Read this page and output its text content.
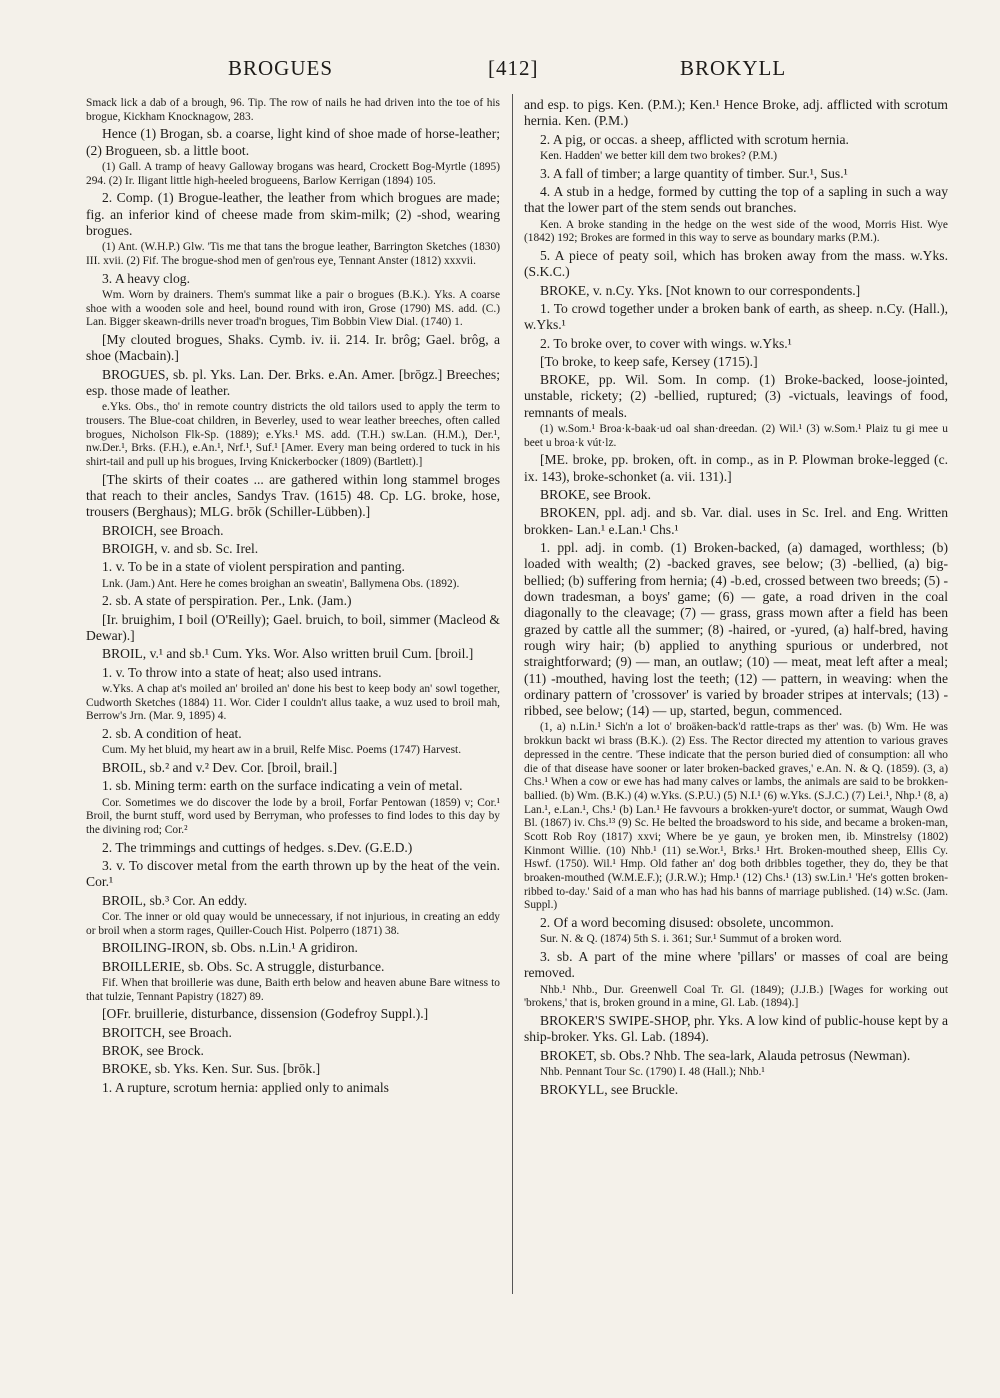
BROGUES	[412]	BROKYLL

Smack lick a dab of a brough, 96. Tip. The row of nails he had driven into the toe of his brogue, Kickham Knocknagow, 283.

Hence (1) Brogan, sb. a coarse, light kind of shoe made of horse-leather; (2) Brogueen, sb. a little boot.

(1) Gall. A tramp of heavy Galloway brogans was heard, Crockett Bog-Myrtle (1895) 294. (2) Ir. Iligant little high-heeled brogueens, Barlow Kerrigan (1894) 105.

2. Comp. (1) Brogue-leather, the leather from which brogues are made; fig. an inferior kind of cheese made from skim-milk; (2) -shod, wearing brogues.

(1) Ant. (W.H.P.) Glw. 'Tis me that tans the brogue leather, Barrington Sketches (1830) III. xvii. (2) Fif. The brogue-shod men of gen'rous eye, Tennant Anster (1812) xxxvii.

3. A heavy clog.

Wm. Worn by drainers. Them's summat like a pair o brogues (B.K.). Yks. A coarse shoe with a wooden sole and heel, bound round with iron, Grose (1790) MS. add. (C.) Lan. Bigger skeawn-drills never troad'n brogues, Tim Bobbin View Dial. (1740) 1.

[My clouted brogues, Shaks. Cymb. iv. ii. 214. Ir. brôg; Gael. brôg, a shoe (Macbain).]

BROGUES, sb. pl. Yks. Lan. Der. Brks. e.An. Amer. [brōgz.] Breeches; esp. those made of leather.

e.Yks. Obs., tho' in remote country districts the old tailors used to apply the term to trousers. The Blue-coat children, in Beverley, used to wear leather breeches, often called brogues, Nicholson Flk-Sp. (1889); e.Yks.¹ MS. add. (T.H.) sw.Lan. (H.M.), Der.¹, nw.Der.¹, Brks. (F.H.), e.An.¹, Nrf.¹, Suf.¹ [Amer. Every man being ordered to tuck in his shirt-tail and pull up his brogues, Irving Knickerbocker (1809) (Bartlett).]

[The skirts of their coates ... are gathered within long stammel broges that reach to their ancles, Sandys Trav. (1615) 48. Cp. LG. broke, hose, trousers (Berghaus); MLG. brōk (Schiller-Lübben).]

BROICH, see Broach.

BROIGH, v. and sb. Sc. Irel.

1. v. To be in a state of violent perspiration and panting.

Lnk. (Jam.) Ant. Here he comes broighan an sweatin', Ballymena Obs. (1892).

2. sb. A state of perspiration. Per., Lnk. (Jam.)

[Ir. bruighim, I boil (O'Reilly); Gael. bruich, to boil, simmer (Macleod & Dewar).]

BROIL, v.¹ and sb.¹ Cum. Yks. Wor. Also written bruil Cum. [broil.]

1. v. To throw into a state of heat; also used intrans.

w.Yks. A chap at's moiled an' broiled an' done his best to keep body an' sowl together, Cudworth Sketches (1884) 11. Wor. Cider I couldn't allus taake, a wuz used to broil mah, Berrow's Jrn. (Mar. 9, 1895) 4.

2. sb. A condition of heat.

Cum. My het bluid, my heart aw in a bruil, Relfe Misc. Poems (1747) Harvest.

BROIL, sb.² and v.² Dev. Cor. [broil, brail.]

1. sb. Mining term: earth on the surface indicating a vein of metal.

Cor. Sometimes we do discover the lode by a broil, Forfar Pentowan (1859) v; Cor.¹ Broil, the burnt stuff, word used by Berryman, who professes to find lodes to this day by the divining rod; Cor.²

2. The trimmings and cuttings of hedges. s.Dev. (G.E.D.)

3. v. To discover metal from the earth thrown up by the heat of the vein. Cor.¹

BROIL, sb.³ Cor. An eddy.

Cor. The inner or old quay would be unnecessary, if not injurious, in creating an eddy or broil when a storm rages, Quiller-Couch Hist. Polperro (1871) 38.

BROILING-IRON, sb. Obs. n.Lin.¹ A gridiron.

BROILLERIE, sb. Obs. Sc. A struggle, disturbance.

Fif. When that broillerie was dune, Baith erth below and heaven abune Bare witness to that tulzie, Tennant Papistry (1827) 89.

[OFr. bruillerie, disturbance, dissension (Godefroy Suppl.).]

BROITCH, see Broach.

BROK, see Brock.

BROKE, sb. Yks. Ken. Sur. Sus. [brōk.]

1. A rupture, scrotum hernia: applied only to animals

and esp. to pigs. Ken. (P.M.); Ken.¹ Hence Broke, adj. afflicted with scrotum hernia. Ken. (P.M.)

2. A pig, or occas. a sheep, afflicted with scrotum hernia.

Ken. Hadden' we better kill dem two brokes? (P.M.)

3. A fall of timber; a large quantity of timber. Sur.¹, Sus.¹

4. A stub in a hedge, formed by cutting the top of a sapling in such a way that the lower part of the stem sends out branches.

Ken. A broke standing in the hedge on the west side of the wood, Morris Hist. Wye (1842) 192; Brokes are formed in this way to serve as boundary marks (P.M.).

5. A piece of peaty soil, which has broken away from the mass. w.Yks. (S.K.C.)

BROKE, v. n.Cy. Yks. [Not known to our correspondents.]

1. To crowd together under a broken bank of earth, as sheep. n.Cy. (Hall.), w.Yks.¹

2. To broke over, to cover with wings. w.Yks.¹

[To broke, to keep safe, Kersey (1715).]

BROKE, pp. Wil. Som. In comp. (1) Broke-backed, loose-jointed, unstable, rickety; (2) -bellied, ruptured; (3) -victuals, leavings of food, remnants of meals.

(1) w.Som.¹ Broa·k-baak·ud oal shan·dreedan. (2) Wil.¹ (3) w.Som.¹ Plaiz tu gi mee u beet u broa·k vút·lz.

[ME. broke, pp. broken, oft. in comp., as in P. Plowman broke-legged (c. ix. 143), broke-schonket (a. vii. 131).]

BROKE, see Brook.

BROKEN, ppl. adj. and sb. Var. dial. uses in Sc. Irel. and Eng. Written brokken- Lan.¹ e.Lan.¹ Chs.¹

1. ppl. adj. in comb. (1) Broken-backed, (a) damaged, worthless; (b) loaded with wealth; (2) -backed graves, see below; (3) -bellied, (a) big-bellied; (b) suffering from hernia; (4) -b.ed, crossed between two breeds; (5) -down tradesman, a boys' game; (6) — gate, a road driven in the coal diagonally to the cleavage; (7) — grass, grass mown after a field has been grazed by cattle all the summer; (8) -haired, or -yured, (a) half-bred, having rough wiry hair; (b) applied to anything spurious or underbred, not straightforward; (9) — man, an outlaw; (10) — meat, meat left after a meal; (11) -mouthed, having lost the teeth; (12) — pattern, in weaving: when the ordinary pattern of 'crossover' is varied by broader stripes at intervals; (13) -ribbed, see below; (14) — up, started, begun, commenced.

(1, a) n.Lin.¹ Sich'n a lot o' broäken-back'd rattle-traps as ther' was. (b) Wm. He was brokkun backt wi brass (B.K.). (2) Ess. The Rector directed my attention to various graves depressed in the centre. 'These indicate that the person buried died of consumption: all who die of that disease have sooner or later broken-backed graves,' e.An. N. & Q. (1859). (3, a) Chs.¹ When a cow or ewe has had many calves or lambs, the animals are said to be brokken-ballied. (b) Wm. (B.K.) (4) w.Yks. (S.P.U.) (5) N.I.¹ (6) w.Yks. (S.J.C.) (7) Lei.¹, Nhp.¹ (8, a) Lan.¹, e.Lan.¹, Chs.¹ (b) Lan.¹ He favvours a brokken-yure't doctor, or summat, Waugh Owd Bl. (1867) iv. Chs.¹³ (9) Sc. He belted the broadsword to his side, and became a broken-man, Scott Rob Roy (1817) xxvi; Where be ye gaun, ye broken men, ib. Minstrelsy (1802) Kinmont Willie. (10) Nhb.¹ (11) se.Wor.¹, Brks.¹ Hrt. Broken-mouthed sheep, Ellis Cy. Hswf. (1750). Wil.¹ Hmp. Old father an' dog both dribbles together, they do, they be that broaken-mouthed (W.M.E.F.); (J.R.W.); Hmp.¹ (12) Chs.¹ (13) sw.Lin.¹ 'He's gotten broken-ribbed to-day.' Said of a man who has had his banns of marriage published. (14) w.Sc. (Jam. Suppl.)

2. Of a word becoming disused: obsolete, uncommon.

Sur. N. & Q. (1874) 5th S. i. 361; Sur.¹ Summut of a broken word.

3. sb. A part of the mine where 'pillars' or masses of coal are being removed.

Nhb.¹ Nhb., Dur. Greenwell Coal Tr. Gl. (1849); (J.J.B.) [Wages for working out 'brokens,' that is, broken ground in a mine, Gl. Lab. (1894).]

BROKER'S SWIPE-SHOP, phr. Yks. A low kind of public-house kept by a ship-broker. Yks. Gl. Lab. (1894).

BROKET, sb. Obs.? Nhb. The sea-lark, Alauda petrosus (Newman).

Nhb. Pennant Tour Sc. (1790) I. 48 (Hall.); Nhb.¹

BROKYLL, see Bruckle.
